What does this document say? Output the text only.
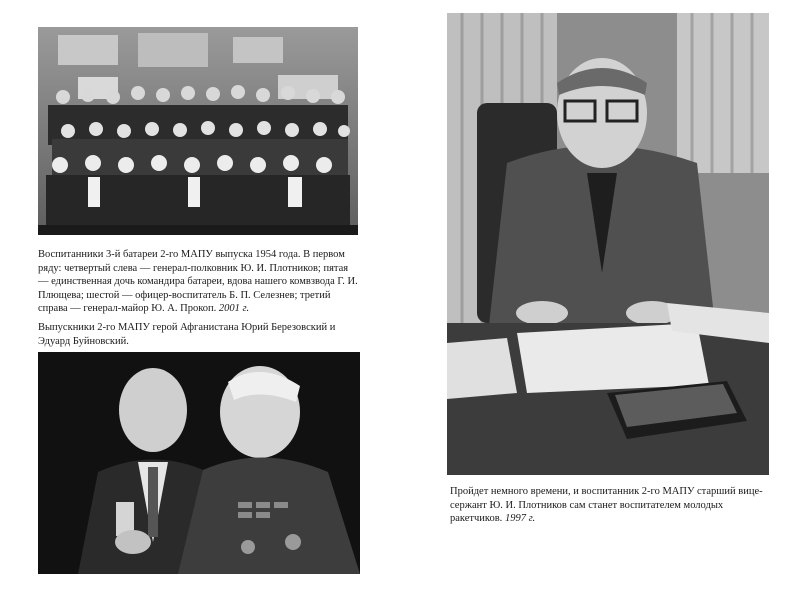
Воспитанники 3-й батареи 2-го МАПУ выпуска 1954 года. В первом ряду: четвертый слева — генерал-полковник Ю. И. Плотников; пятая — единственная дочь командира батареи, вдова нашего комвзвода Г. И. Плющева; шестой — офицер-воспитатель Б. П. Селезнев; третий справа — генерал-майор Ю. А. Прокоп. 2001 г.

Выпускники 2-го МАПУ герой Афганистана Юрий Березовский и Эдуард Буйновский.

Пройдет немного времени, и воспитанник 2-го МАПУ старший вице-сержант Ю. И. Плотников сам станет воспитателем молодых ракетчиков. 1997 г.
